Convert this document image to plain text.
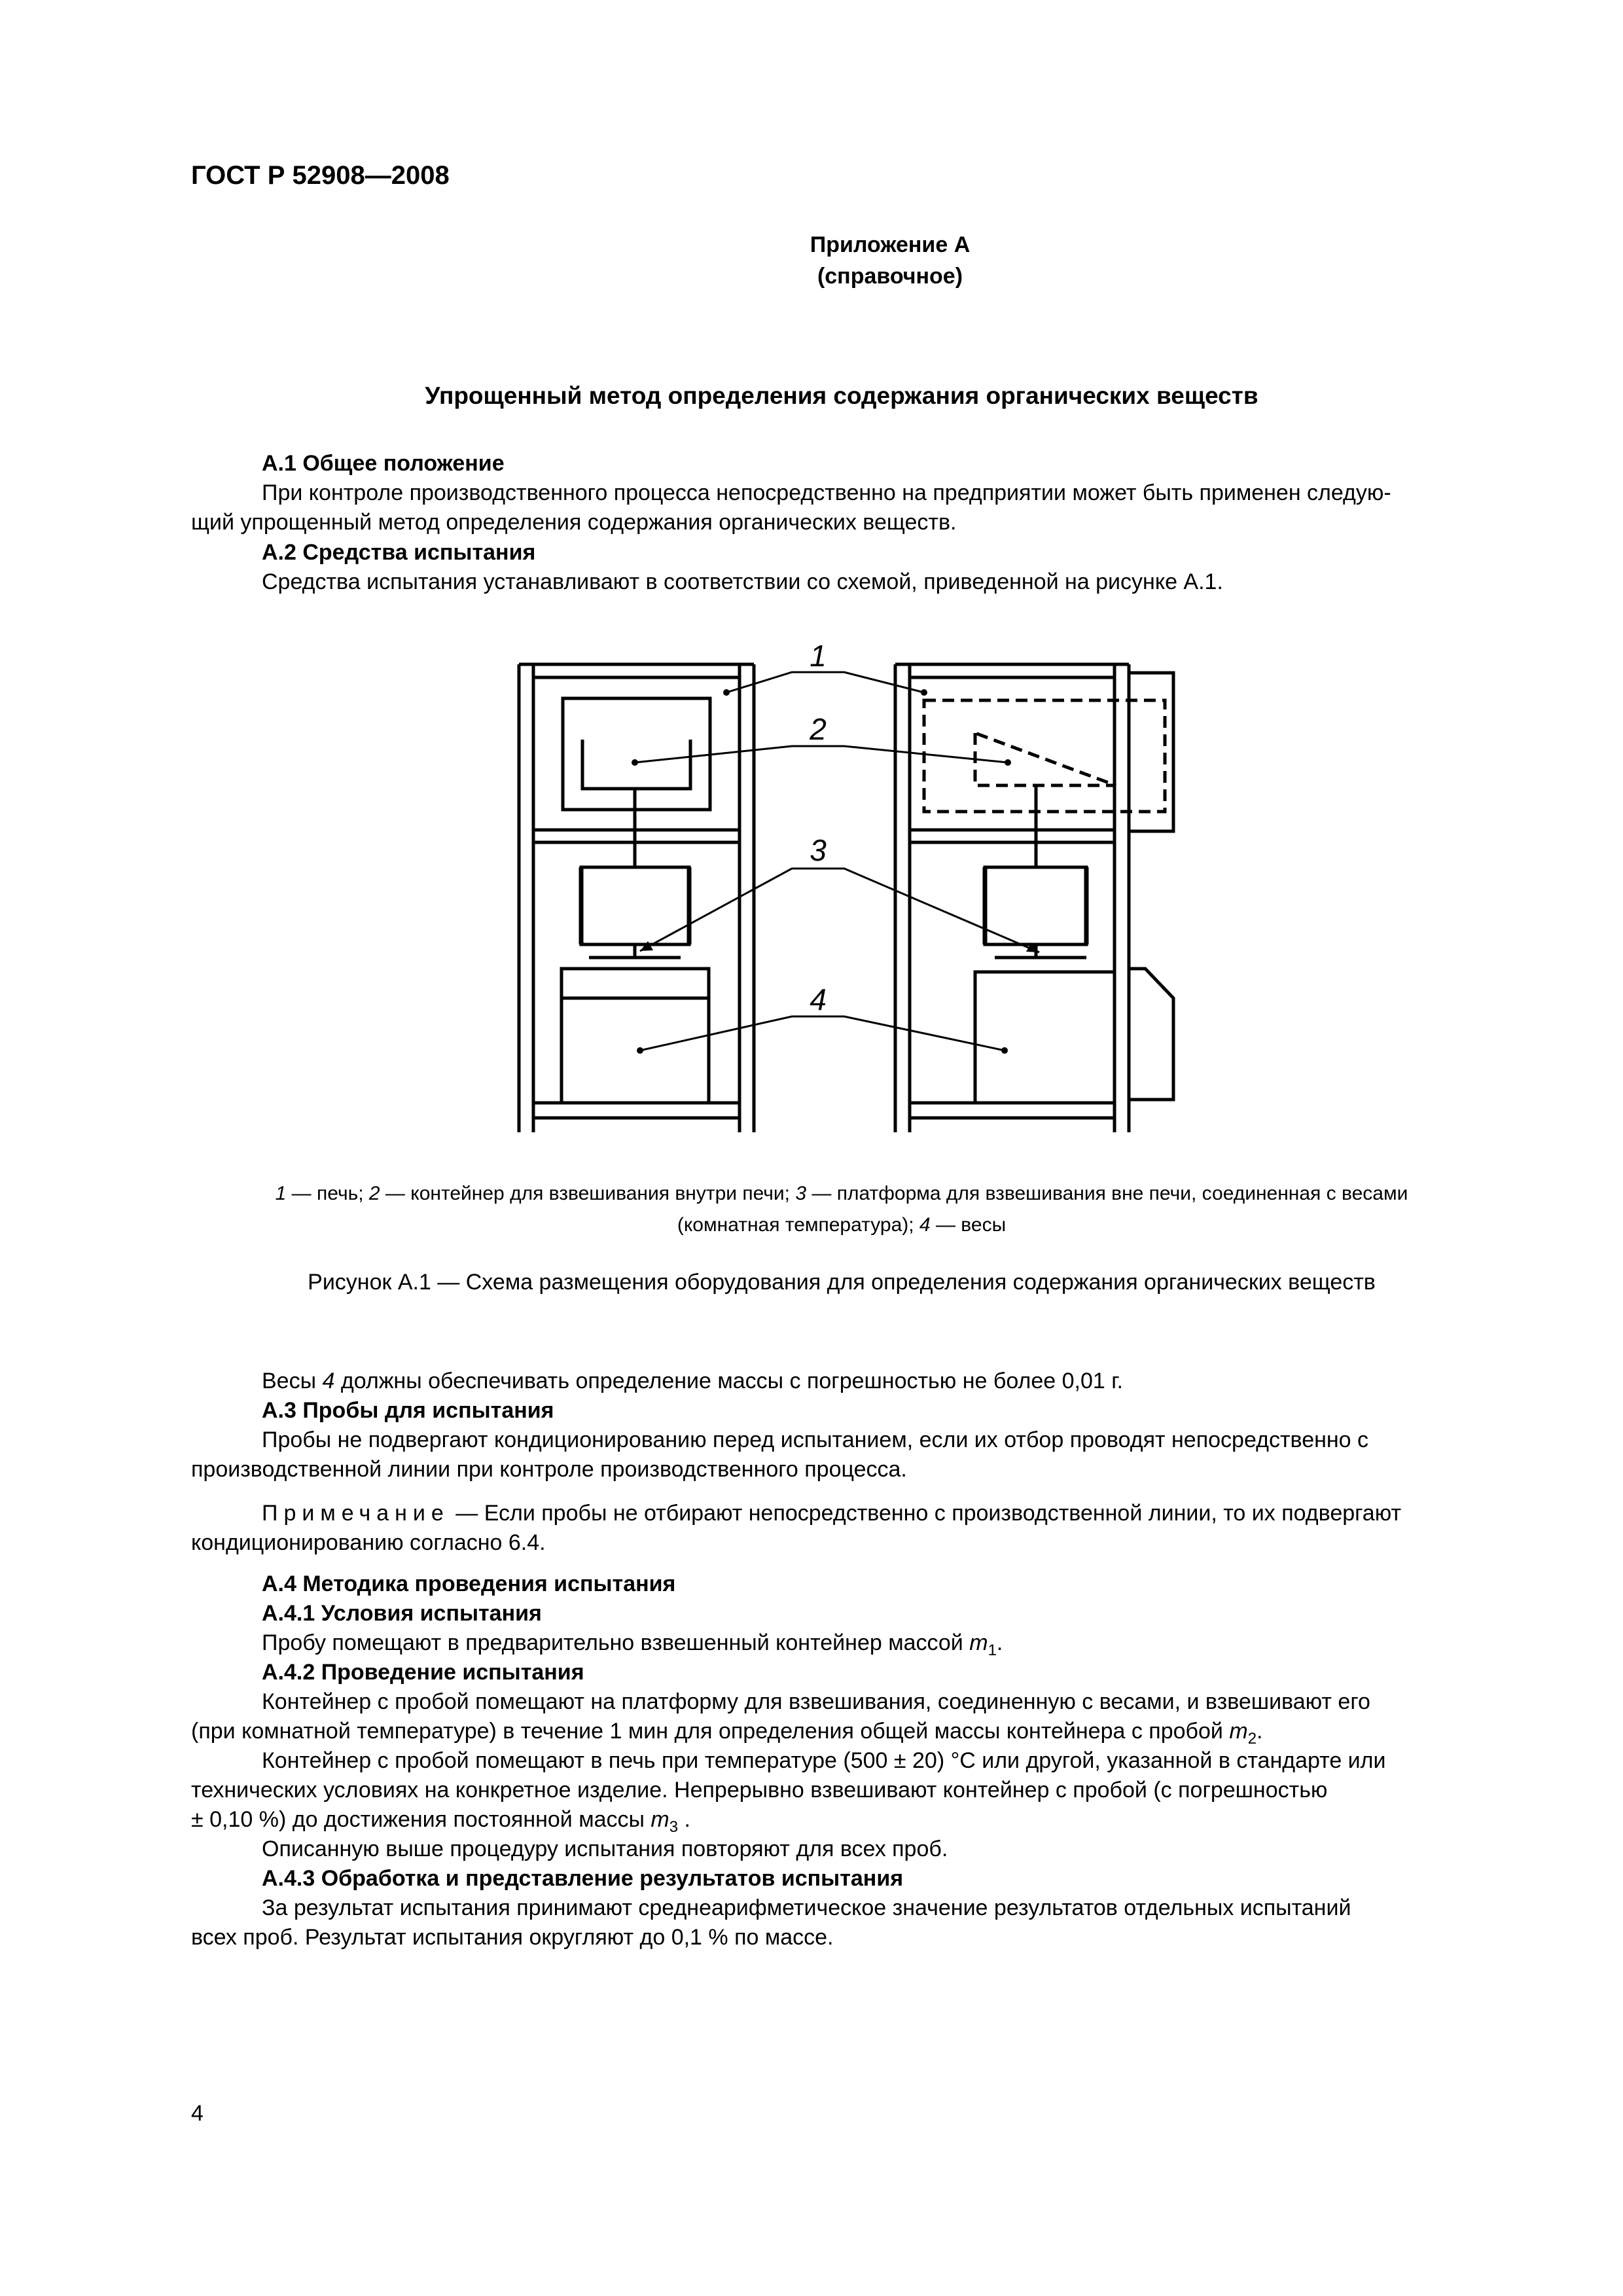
ГОСТ Р 52908—2008
Приложение А
(справочное)
Упрощенный метод определения содержания органических веществ
А.1 Общее положение
При контроле производственного процесса непосредственно на предприятии может быть применен следую-
щий упрощенный метод определения содержания органических веществ.
А.2 Средства испытания
Средства испытания устанавливают в соответствии со схемой, приведенной на рисунке А.1.
1
2
3
4
1 — печь; 2 — контейнер для взвешивания внутри печи; 3 — платформа для взвешивания вне печи, соединенная с весами
(комнатная температура); 4 — весы
Рисунок А.1 — Схема размещения оборудования для определения содержания органических веществ
Весы 4 должны обеспечивать определение массы с погрешностью не более 0,01 г.
А.3 Пробы для испытания
Пробы не подвергают кондиционированию перед испытанием, если их отбор проводят непосредственно с
производственной линии при контроле производственного процесса.
Примечание — Если пробы не отбирают непосредственно с производственной линии, то их подвергают
кондиционированию согласно 6.4.
А.4 Методика проведения испытания
А.4.1 Условия испытания
Пробу помещают в предварительно взвешенный контейнер массой $m_1$.
А.4.2 Проведение испытания
Контейнер с пробой помещают на платформу для взвешивания, соединенную с весами, и взвешивают его
(при комнатной температуре) в течение 1 мин для определения общей массы контейнера с пробой $m_2$.
Контейнер с пробой помещают в печь при температуре (500 ± 20) °С или другой, указанной в стандарте или
технических условиях на конкретное изделие. Непрерывно взвешивают контейнер с пробой (с погрешностью
± 0,10 %) до достижения постоянной массы $m_3$ .
Описанную выше процедуру испытания повторяют для всех проб.
А.4.3 Обработка и представление результатов испытания
За результат испытания принимают среднеарифметическое значение результатов отдельных испытаний
всех проб. Результат испытания округляют до 0,1 % по массе.
4
